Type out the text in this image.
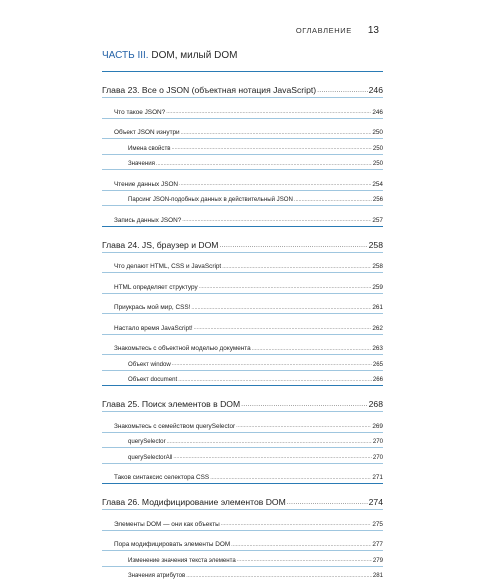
ОГЛАВЛЕНИЕ 13
ЧАСТЬ III. DOM, милый DOM
Глава 23. Все о JSON (объектная нотация JavaScript) .....	246
Что такое JSON? .....	246
Объект JSON изнутри .....	250
Имена свойств .....	250
Значения .....	250
Чтение данных JSON .....	254
Парсинг JSON-подобных данных в действительный JSON .....	256
Запись данных JSON? .....	257
Глава 24. JS, браузер и DOM .....	258
Что делают HTML, CSS и JavaScript .....	258
HTML определяет структуру .....	259
Приукрась мой мир, CSS! .....	261
Настало время JavaScript! .....	262
Знакомьтесь с объектной моделью документа .....	263
Объект window .....	265
Объект document .....	266
Глава 25. Поиск элементов в DOM .....	268
Знакомьтесь с семейством querySelector .....	269
querySelector .....	270
querySelectorAll .....	270
Таков синтаксис селектора CSS .....	271
Глава 26. Модифицирование элементов DOM .....	274
Элементы DOM — они как объекты .....	275
Пора модифицировать элементы DOM .....	277
Изменение значения текста элемента .....	279
Значения атрибутов .....	281
